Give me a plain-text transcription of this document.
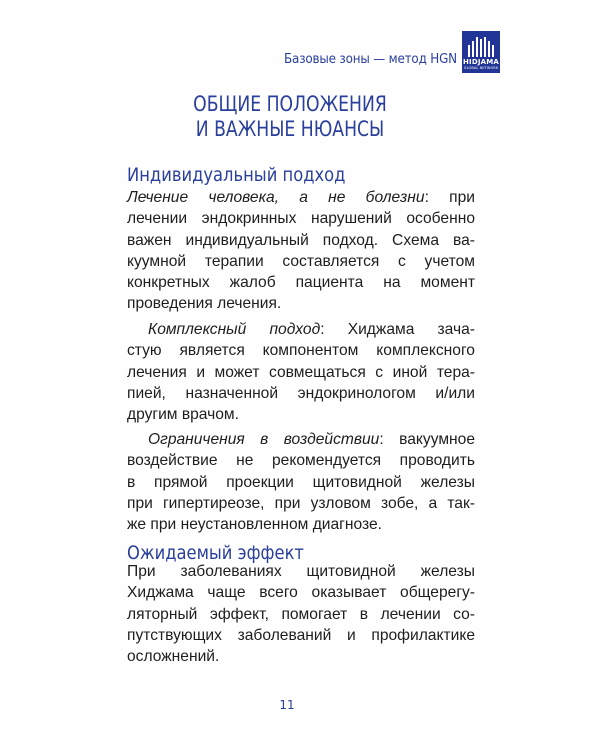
Базовые зоны — метод HGN HIDJAMA
GLOBAL NETWORK
ОБЩИЕ ПОЛОЖЕНИЯ
И ВАЖНЫЕ НЮАНСЫ
Индивидуальный подход
Лечение человека, а не болезни: при
лечении эндокринных нарушений особенно
важен индивидуальный подход. Схема ва-
куумной терапии составляется с учетом
конкретных жалоб пациента на момент
проведения лечения.
Комплексный подход: Хиджама зача-
стую является компонентом комплексного
лечения и может совмещаться с иной тера-
пией, назначенной эндокринологом и/или
другим врачом.
Ограничения в воздействии: вакуумное
воздействие не рекомендуется проводить
в прямой проекции щитовидной железы
при гипертиреозе, при узловом зобе, а так-
же при неустановленном диагнозе.
Ожидаемый эффект
При заболеваниях щитовидной железы
Хиджама чаще всего оказывает общерегу-
ляторный эффект, помогает в лечении со-
путствующих заболеваний и профилактике
осложнений.
11
